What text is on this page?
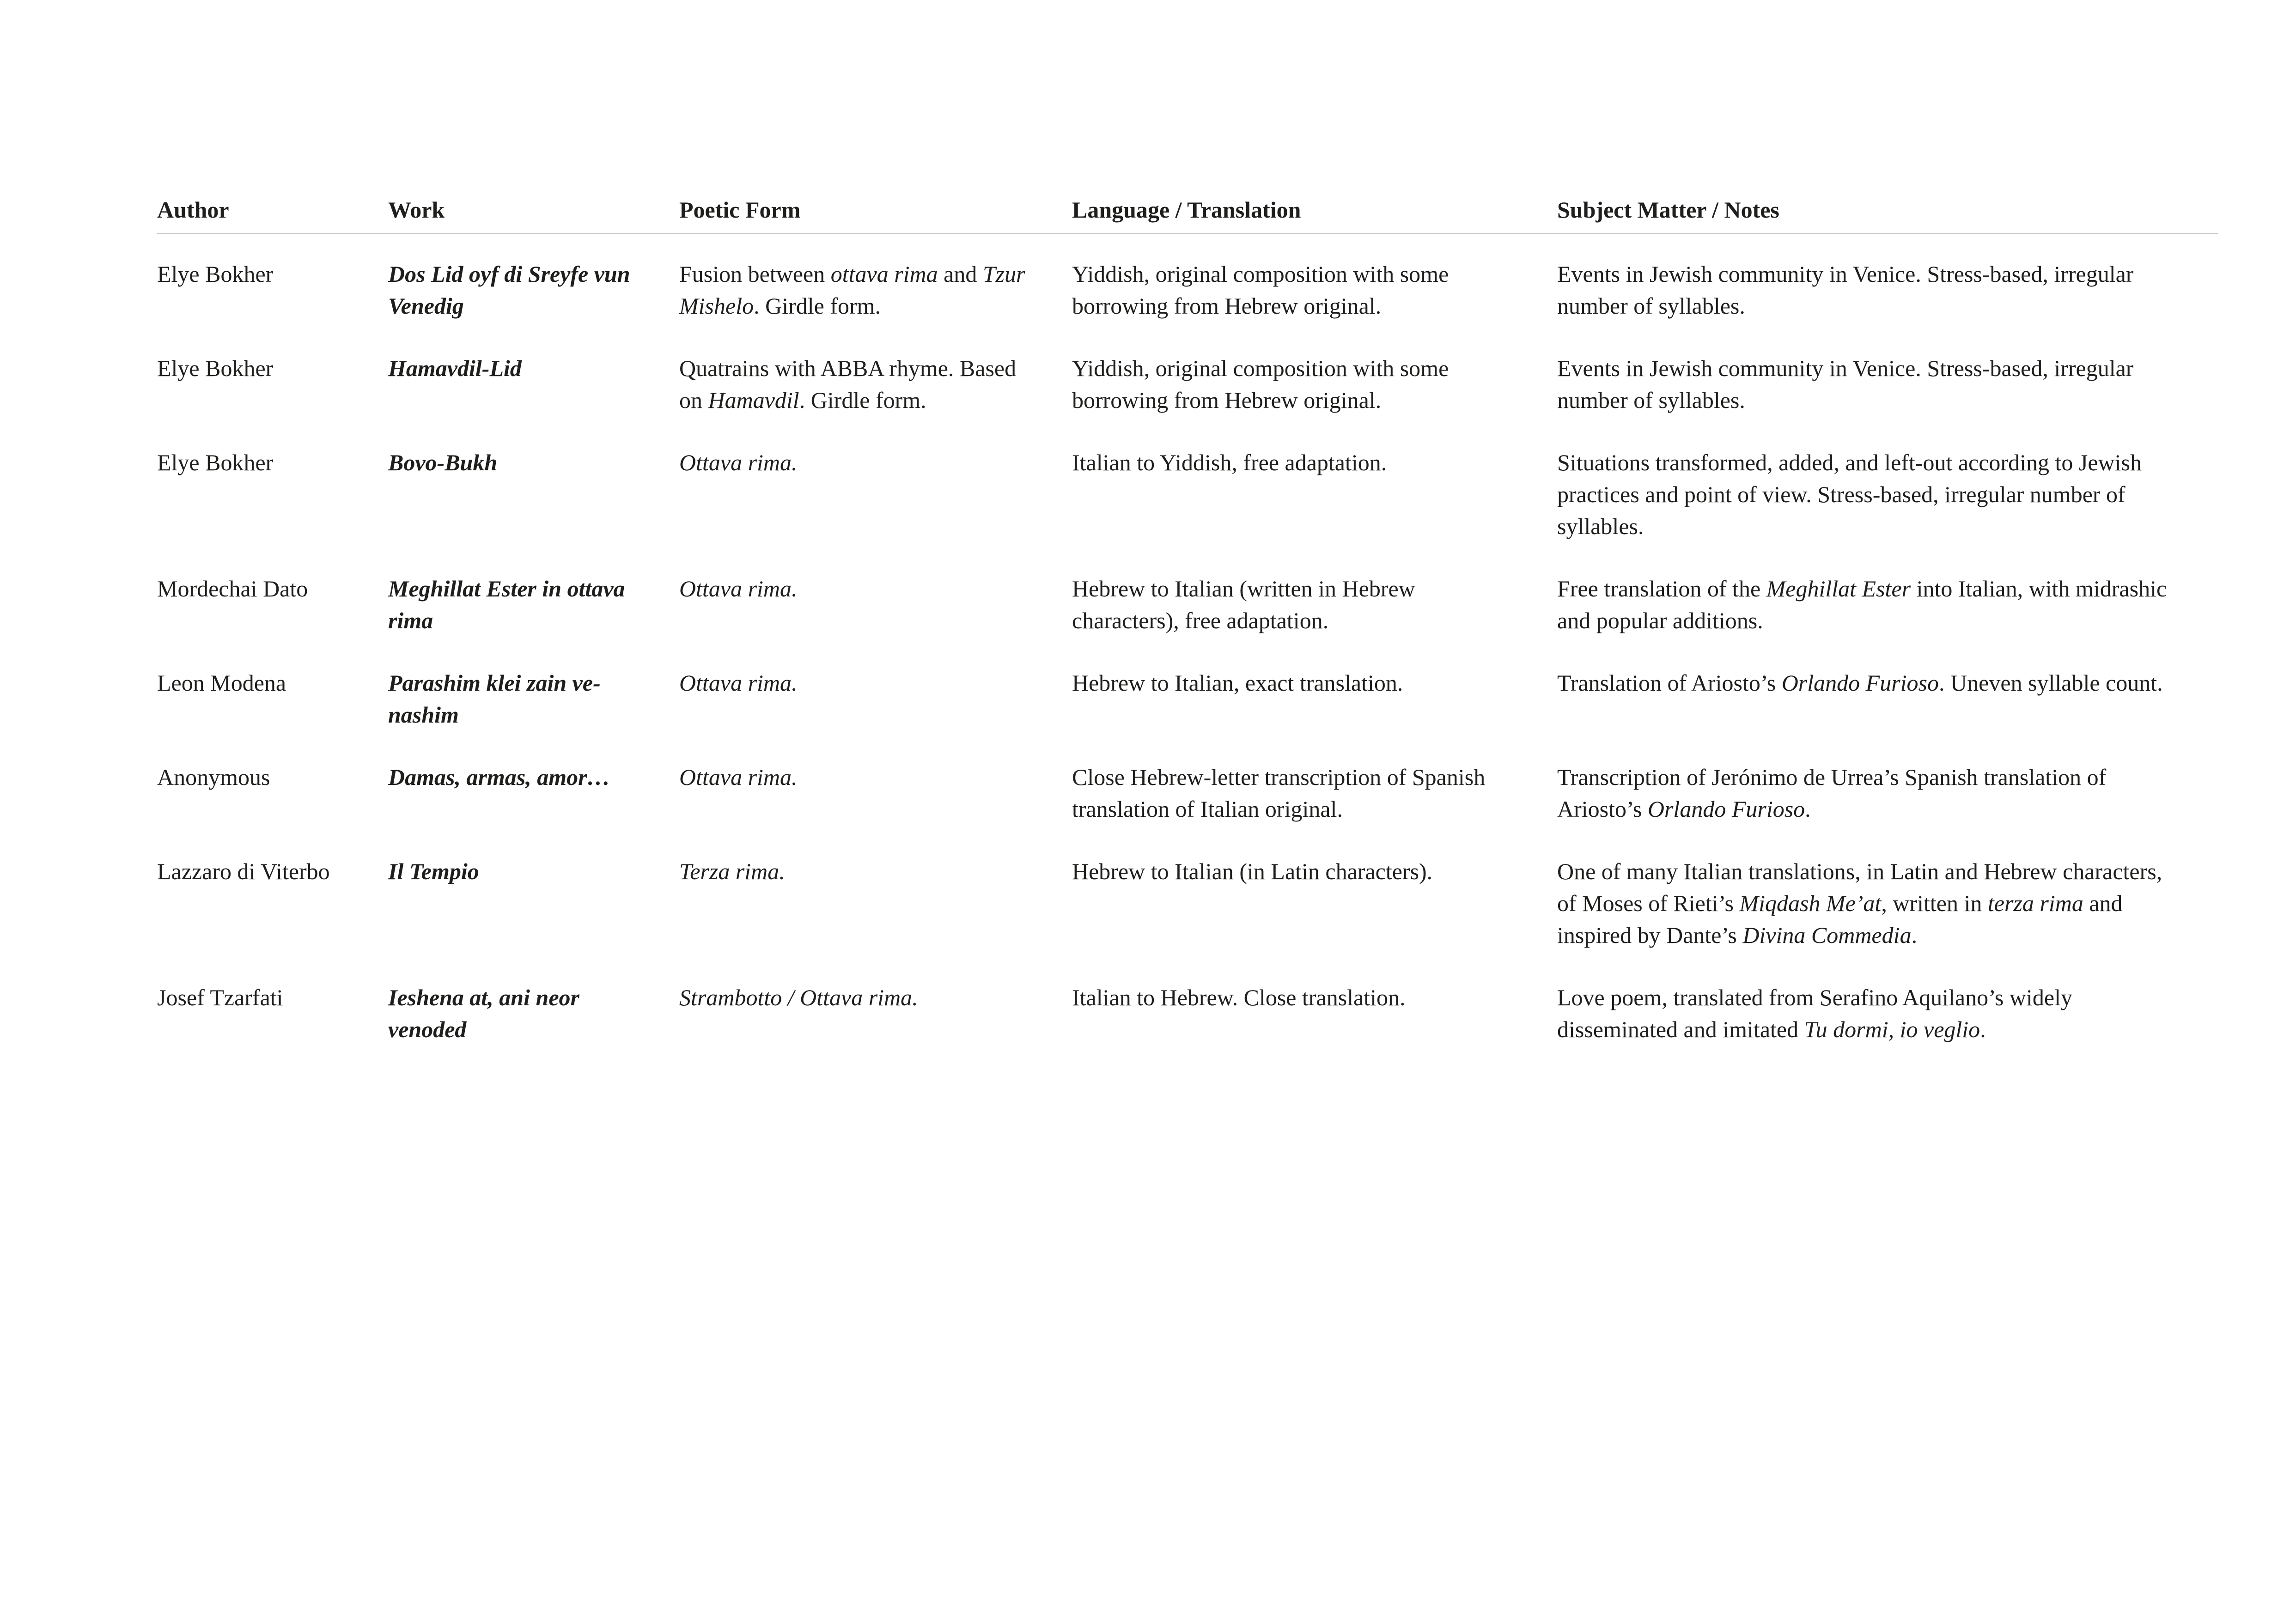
Author	Work	Poetic Form	Language / Translation	Subject Matter / Notes
Elye Bokher	Dos Lid oyf di Sreyfe vun Venedig	Fusion between ottava rima and Tzur Mishelo. Girdle form.	Yiddish, original composition with some borrowing from Hebrew original.	Events in Jewish community in Venice. Stress-based, irregular number of syllables.
Elye Bokher	Hamavdil-Lid	Quatrains with ABBA rhyme. Based on Hamavdil. Girdle form.	Yiddish, original composition with some borrowing from Hebrew original.	Events in Jewish community in Venice. Stress-based, irregular number of syllables.
Elye Bokher	Bovo-Bukh	Ottava rima.	Italian to Yiddish, free adaptation.	Situations transformed, added, and left-out according to Jewish practices and point of view. Stress-based, irregular number of syllables.
Mordechai Dato	Meghillat Ester in ottava rima	Ottava rima.	Hebrew to Italian (written in Hebrew characters), free adaptation.	Free translation of the Meghillat Ester into Italian, with midrashic and popular additions.
Leon Modena	Parashim klei zain ve-nashim	Ottava rima.	Hebrew to Italian, exact translation.	Translation of Ariosto’s Orlando Furioso. Uneven syllable count.
Anonymous	Damas, armas, amor…	Ottava rima.	Close Hebrew-letter transcription of Spanish translation of Italian original.	Transcription of Jerónimo de Urrea’s Spanish translation of Ariosto’s Orlando Furioso.
Lazzaro di Viterbo	Il Tempio	Terza rima.	Hebrew to Italian (in Latin characters).	One of many Italian translations, in Latin and Hebrew characters, of Moses of Rieti’s Miqdash Me’at, written in terza rima and inspired by Dante’s Divina Commedia.
Josef Tzarfati	Ieshena at, ani neor venoded	Strambotto / Ottava rima.	Italian to Hebrew. Close translation.	Love poem, translated from Serafino Aquilano’s widely disseminated and imitated Tu dormi, io veglio.
